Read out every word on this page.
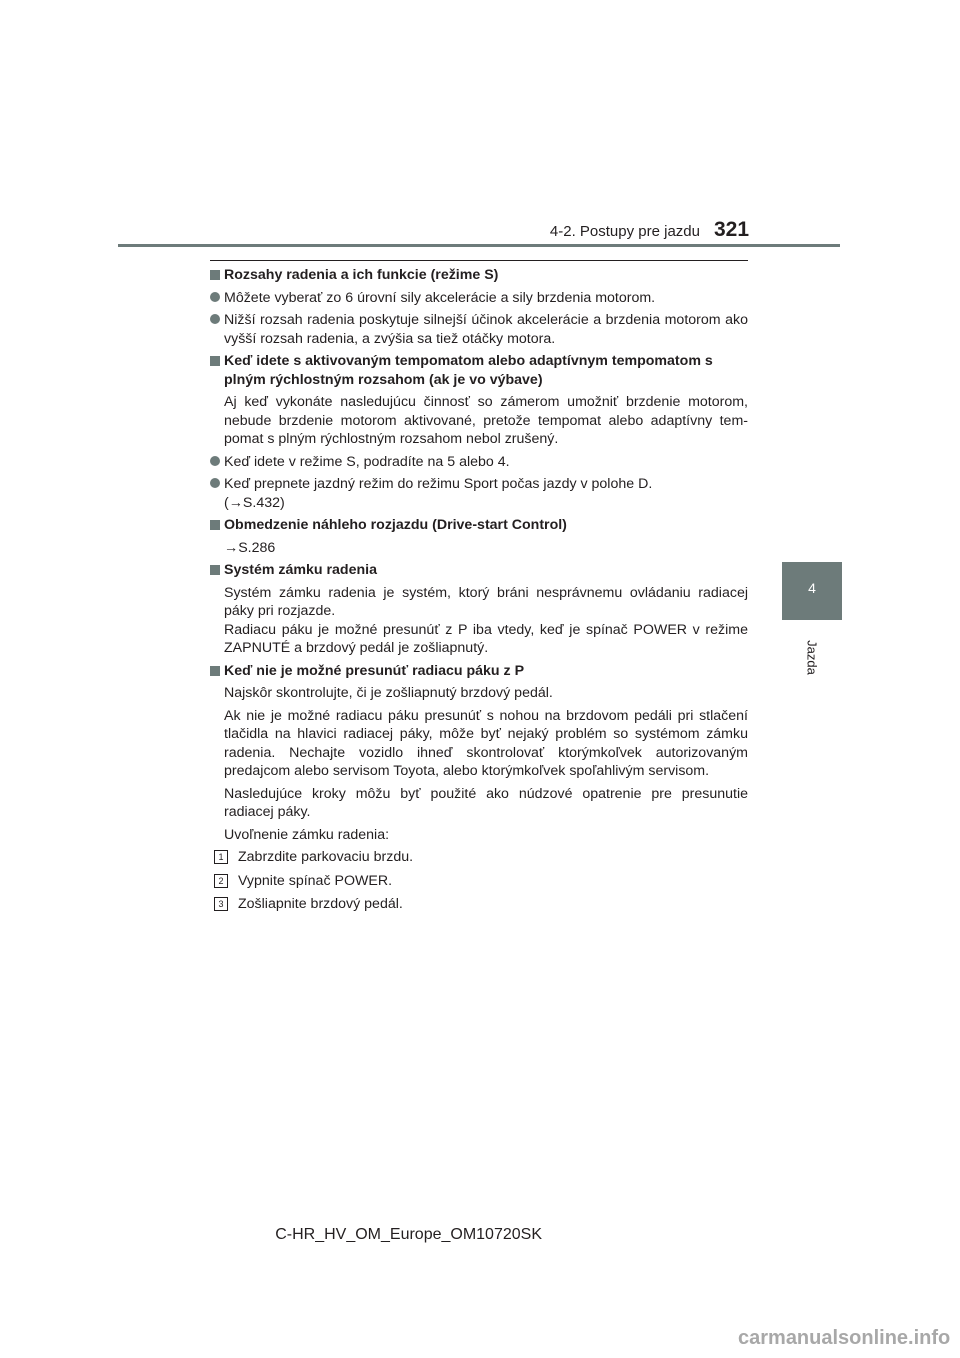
4-2. Postupy pre jazdu 321
4
Jazda
Rozsahy radenia a ich funkcie (režime S)
Môžete vyberať zo 6 úrovní sily akcelerácie a sily brzdenia motorom.
Nižší rozsah radenia poskytuje silnejší účinok akcelerácie a brzdenia motorom ako vyšší rozsah radenia, a zvýšia sa tiež otáčky motora.
Keď idete s aktivovaným tempomatom alebo adaptívnym tempomatom s plným rýchlostným rozsahom (ak je vo výbave)
Aj keď vykonáte nasledujúcu činnosť so zámerom umožniť brzdenie motorom, nebude brzdenie motorom aktivované, pretože tempomat alebo adaptívny tem-pomat s plným rýchlostným rozsahom nebol zrušený.
Keď idete v režime S, podradíte na 5 alebo 4.
Keď prepnete jazdný režim do režimu Sport počas jazdy v polohe D.
(→S.432)
Obmedzenie náhleho rozjazdu (Drive-start Control)
→S.286
Systém zámku radenia
Systém zámku radenia je systém, ktorý bráni nesprávnemu ovládaniu radiacej páky pri rozjazde.
Radiacu páku je možné presunúť z P iba vtedy, keď je spínač POWER v režime ZAPNUTÉ a brzdový pedál je zošliapnutý.
Keď nie je možné presunúť radiacu páku z P
Najskôr skontrolujte, či je zošliapnutý brzdový pedál.
Ak nie je možné radiacu páku presunúť s nohou na brzdovom pedáli pri stlačení tlačidla na hlavici radiacej páky, môže byť nejaký problém so systémom zámku radenia. Nechajte vozidlo ihneď skontrolovať ktorýmkoľvek autorizovaným predajcom alebo servisom Toyota, alebo ktorýmkoľvek spoľahlivým servisom.
Nasledujúce kroky môžu byť použité ako núdzové opatrenie pre presunutie radiacej páky.
Uvoľnenie zámku radenia:
1	Zabrzdite parkovaciu brzdu.
2	Vypnite spínač POWER.
3	Zošliapnite brzdový pedál.
C-HR_HV_OM_Europe_OM10720SK
carmanualsonline.info
